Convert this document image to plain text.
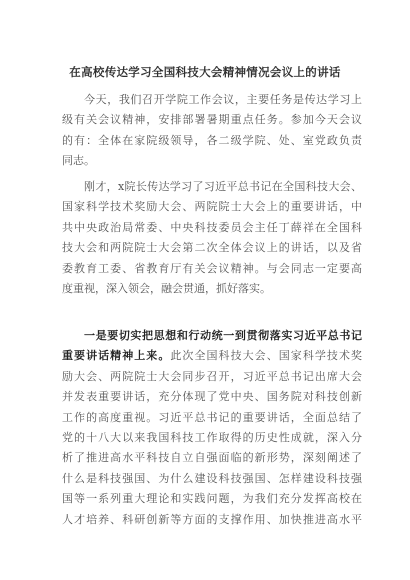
在高校传达学习全国科技大会精神情况会议上的讲话
今天，我们召开学院工作会议，主要任务是传达学习上
级有关会议精神，安排部署暑期重点任务。参加今天会议
的有：全体在家院级领导，各二级学院、处、室党政负责
同志。
刚才，x院长传达学习了习近平总书记在全国科技大会、
国家科学技术奖励大会、两院院士大会上的重要讲话，中
共中央政治局常委、中央科技委员会主任丁薛祥在全国科
技大会和两院院士大会第二次全体会议上的讲话，以及省
委教育工委、省教育厅有关会议精神。与会同志一定要高
度重视，深入领会，融会贯通，抓好落实。
一是要切实把思想和行动统一到贯彻落实习近平总书记
重要讲话精神上来。此次全国科技大会、国家科学技术奖
励大会、两院院士大会同步召开，习近平总书记出席大会
并发表重要讲话，充分体现了党中央、国务院对科技创新
工作的高度重视。习近平总书记的重要讲话，全面总结了
党的十八大以来我国科技工作取得的历史性成就，深入分
析了推进高水平科技自立自强面临的新形势，深刻阐述了
什么是科技强国、为什么建设科技强国、怎样建设科技强
国等一系列重大理论和实践问题，为我们充分发挥高校在
人才培养、科研创新等方面的支撑作用、加快推进高水平
